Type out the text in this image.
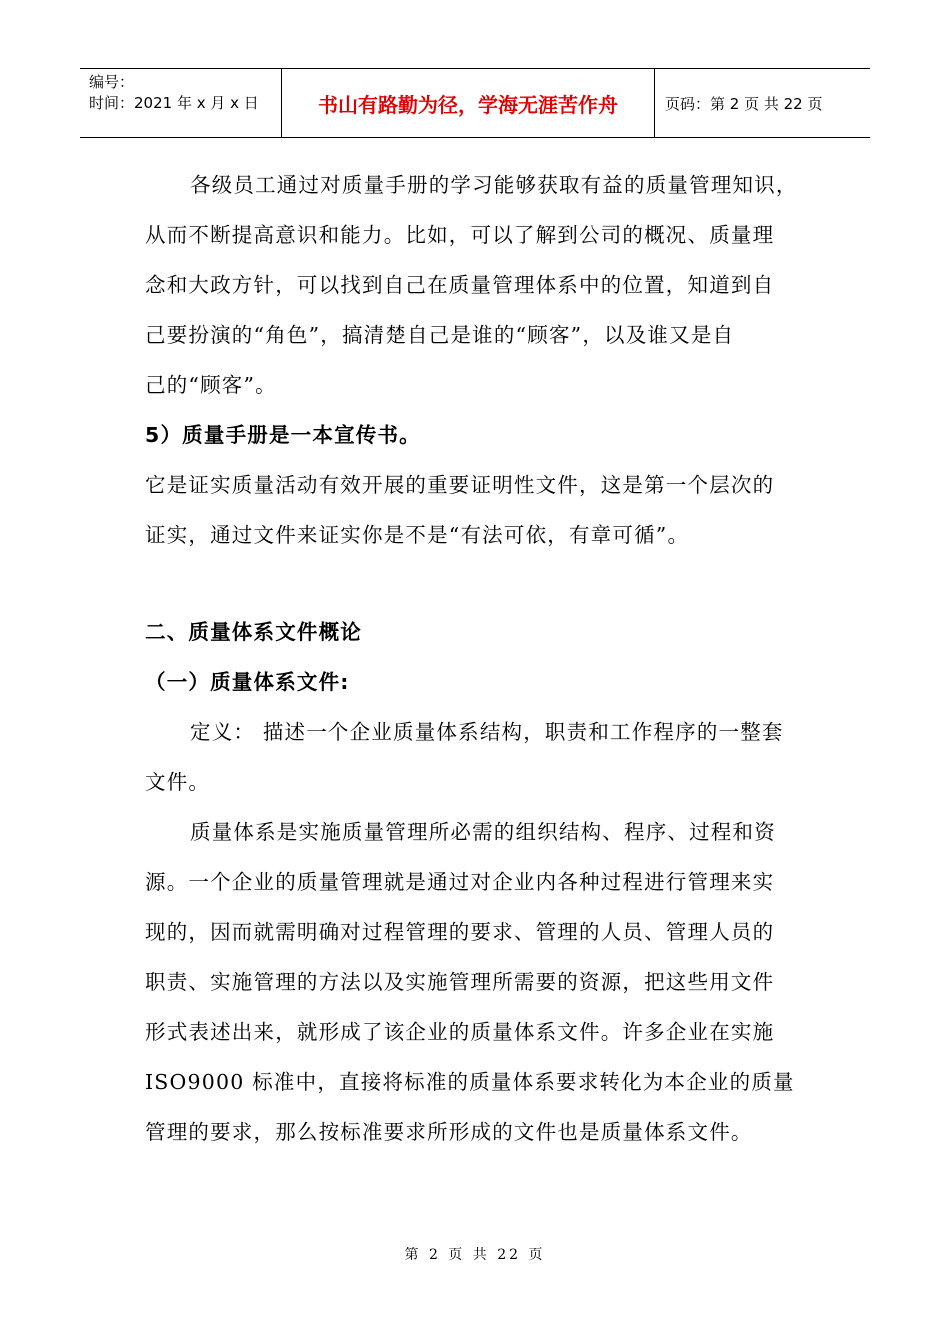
编号：
时间：2021 年 x 月 x 日	书山有路勤为径，学海无涯苦作舟	页码：第 2 页 共 22 页
各级员工通过对质量手册的学习能够获取有益的质量管理知识，
从而不断提高意识和能力。比如，可以了解到公司的概况、质量理
念和大政方针，可以找到自己在质量管理体系中的位置，知道到自
己要扮演的“角色”，搞清楚自己是谁的“顾客”，以及谁又是自
己的“顾客”。
5）质量手册是一本宣传书。
它是证实质量活动有效开展的重要证明性文件，这是第一个层次的
证实，通过文件来证实你是不是“有法可依，有章可循”。
二、质量体系文件概论
（一）质量体系文件:
定义： 描述一个企业质量体系结构，职责和工作程序的一整套
文件。
质量体系是实施质量管理所必需的组织结构、程序、过程和资
源。一个企业的质量管理就是通过对企业内各种过程进行管理来实
现的，因而就需明确对过程管理的要求、管理的人员、管理人员的
职责、实施管理的方法以及实施管理所需要的资源，把这些用文件
形式表述出来，就形成了该企业的质量体系文件。许多企业在实施
ISO9000 标准中，直接将标准的质量体系要求转化为本企业的质量
管理的要求，那么按标准要求所形成的文件也是质量体系文件。
第 2 页 共 22 页
